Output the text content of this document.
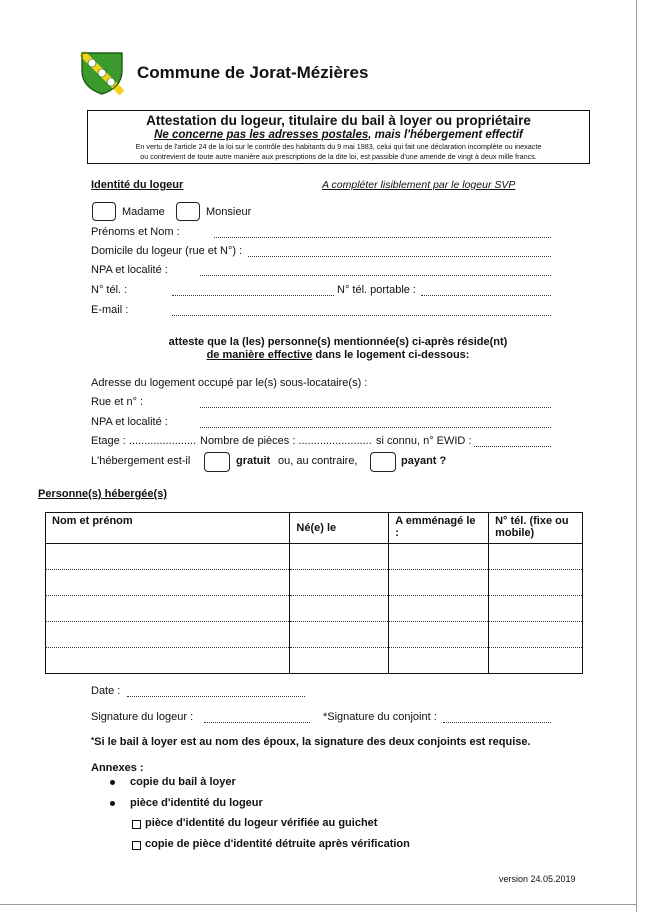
Commune de Jorat-Mézières
Attestation du logeur, titulaire du bail à loyer ou propriétaire
Ne concerne pas les adresses postales, mais l'hébergement effectif
En vertu de l'article 24 de la loi sur le contrôle des habitants du 9 mai 1983, celui qui fait une déclaration incomplète ou inexacte
ou contrevient de toute autre manière aux prescriptions de la dite loi, est passible d'une amende de vingt à deux mille francs.
Identité du logeur	A compléter lisiblement par le logeur SVP
Madame	Monsieur
Prénoms et Nom :
Domicile du logeur (rue et N°) :
NPA et localité :
N° tél. :	N° tél. portable :
E-mail :
atteste que la (les) personne(s) mentionnée(s) ci-après réside(nt)
de manière effective dans le logement ci-dessous:
Adresse du logement occupé par le(s) sous-locataire(s) :
Rue et n° :
NPA et localité :
Etage : ...................... Nombre de pièces : ........................ si connu, n° EWID :
L'hébergement est-il	gratuit ou, au contraire,	payant ?
Personne(s) hébergée(s)
Nom et prénom	Né(e) le	A emménagé le :	N° tél. (fixe ou mobile)

Date :
Signature du logeur :	*Signature du conjoint :
*Si le bail à loyer est au nom des époux, la signature des deux conjoints est requise.
Annexes :
copie du bail à loyer
pièce d'identité du logeur
pièce d'identité du logeur vérifiée au guichet
copie de pièce d'identité détruite après vérification
version 24.05.2019
